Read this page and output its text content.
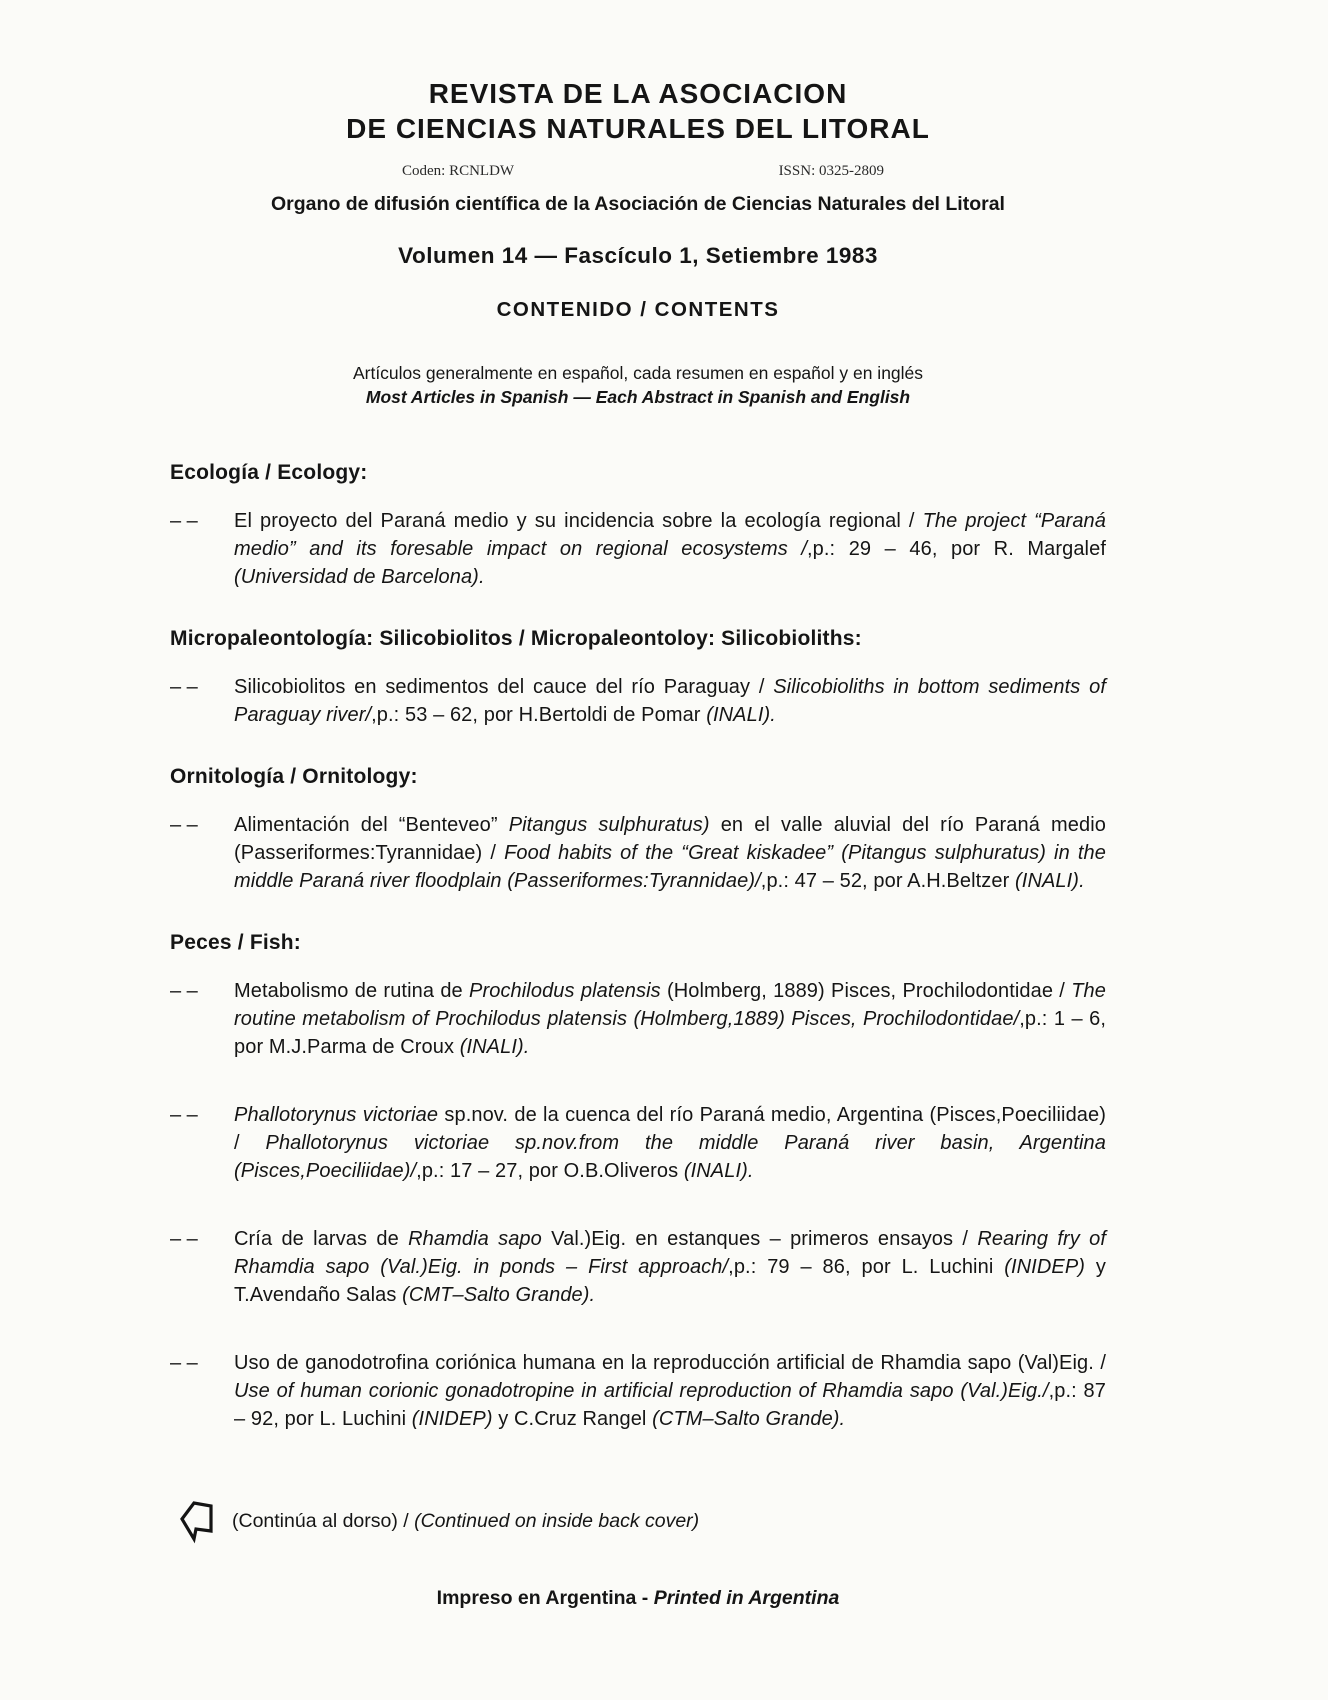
REVISTA DE LA ASOCIACION
DE CIENCIAS NATURALES DEL LITORAL
Coden: RCNLDW	ISSN: 0325-2809
Organo de difusión científica de la Asociación de Ciencias Naturales del Litoral
Volumen 14 — Fascículo 1, Setiembre 1983
CONTENIDO / CONTENTS
Artículos generalmente en español, cada resumen en español y en inglés
Most Articles in Spanish — Each Abstract in Spanish and English
Ecología / Ecology:
– –	El proyecto del Paraná medio y su incidencia sobre la ecología regional / The project “Paraná medio” and its foresable impact on regional ecosystems /,p.: 29 – 46, por R. Margalef (Universidad de Barcelona).

Micropaleontología: Silicobiolitos / Micropaleontoloy: Silicobioliths:
– –	Silicobiolitos en sedimentos del cauce del río Paraguay / Silicobioliths in bottom sediments of Paraguay river/,p.: 53 – 62, por H.Bertoldi de Pomar (INALI).

Ornitología / Ornitology:
– –	Alimentación del “Benteveo” Pitangus sulphuratus) en el valle aluvial del río Paraná medio (Passeriformes:Tyrannidae) / Food habits of the “Great kiskadee” (Pitangus sulphuratus) in the middle Paraná river floodplain (Passeriformes:Tyrannidae)/,p.: 47 – 52, por A.H.Beltzer (INALI).

Peces / Fish:
– –	Metabolismo de rutina de Prochilodus platensis (Holmberg, 1889) Pisces, Prochilodontidae / The routine metabolism of Prochilodus platensis (Holmberg,1889) Pisces, Prochilodontidae/,p.: 1 – 6, por M.J.Parma de Croux (INALI).

– –	Phallotorynus victoriae sp.nov. de la cuenca del río Paraná medio, Argentina (Pisces,Poeciliidae) / Phallotorynus victoriae sp.nov.from the middle Paraná river basin, Argentina (Pisces,Poeciliidae)/,p.: 17 – 27, por O.B.Oliveros (INALI).

– –	Cría de larvas de Rhamdia sapo Val.)Eig. en estanques – primeros ensayos / Rearing fry of Rhamdia sapo (Val.)Eig. in ponds – First approach/,p.: 79 – 86, por L. Luchini (INIDEP) y T.Avendaño Salas (CMT–Salto Grande).

– –	Uso de ganodotrofina coriónica humana en la reproducción artificial de Rhamdia sapo (Val)Eig. / Use of human corionic gonadotropine in artificial reproduction of Rhamdia sapo (Val.)Eig./,p.: 87 – 92, por L. Luchini (INIDEP) y C.Cruz Rangel (CTM–Salto Grande).

(Continúa al dorso) / (Continued on inside back cover)
Impreso en Argentina - Printed in Argentina
